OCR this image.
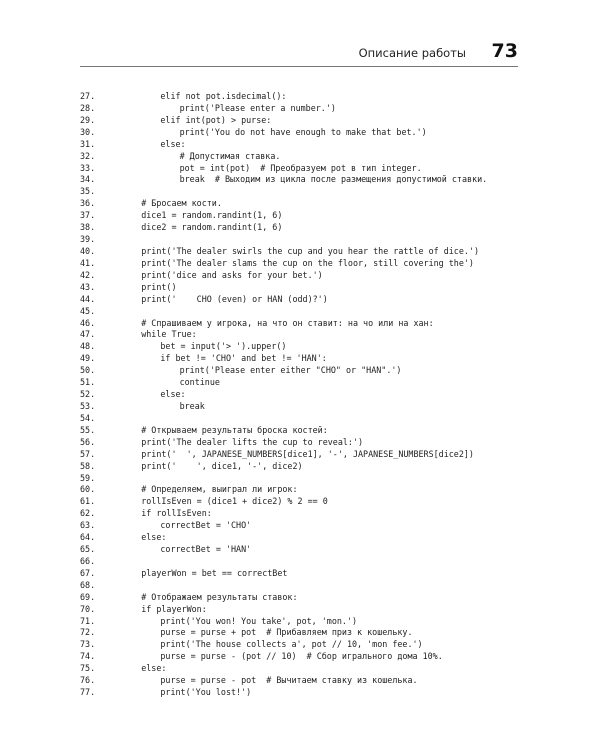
Описание работы 73
27.	elif not pot.isdecimal():
28.	print('Please enter a number.')
29.	elif int(pot) > purse:
30.	print('You do not have enough to make that bet.')
31.	else:
32.	# Допустимая ставка.
33.	pot = int(pot)  # Преобразуем pot в тип integer.
34.	break  # Выходим из цикла после размещения допустимой ставки.
35.
36.	# Бросаем кости.
37.	dice1 = random.randint(1, 6)
38.	dice2 = random.randint(1, 6)
39.
40.	print('The dealer swirls the cup and you hear the rattle of dice.')
41.	print('The dealer slams the cup on the floor, still covering the')
42.	print('dice and asks for your bet.')
43.	print()
44.	print('    CHO (even) or HAN (odd)?')
45.
46.	# Спрашиваем у игрока, на что он ставит: на чо или на хан:
47.	while True:
48.	bet = input('> ').upper()
49.	if bet != 'CHO' and bet != 'HAN':
50.	print('Please enter either "CHO" or "HAN".')
51.	continue
52.	else:
53.	break
54.
55.	# Открываем результаты броска костей:
56.	print('The dealer lifts the cup to reveal:')
57.	print('  ', JAPANESE_NUMBERS[dice1], '-', JAPANESE_NUMBERS[dice2])
58.	print('    ', dice1, '-', dice2)
59.
60.	# Определяем, выиграл ли игрок:
61.	rollIsEven = (dice1 + dice2) % 2 == 0
62.	if rollIsEven:
63.	correctBet = 'CHO'
64.	else:
65.	correctBet = 'HAN'
66.
67.	playerWon = bet == correctBet
68.
69.	# Отображаем результаты ставок:
70.	if playerWon:
71.	print('You won! You take', pot, 'mon.')
72.	purse = purse + pot  # Прибавляем приз к кошельку.
73.	print('The house collects a', pot // 10, 'mon fee.')
74.	purse = purse - (pot // 10)  # Сбор игрального дома 10%.
75.	else:
76.	purse = purse - pot  # Вычитаем ставку из кошелька.
77.	print('You lost!')
